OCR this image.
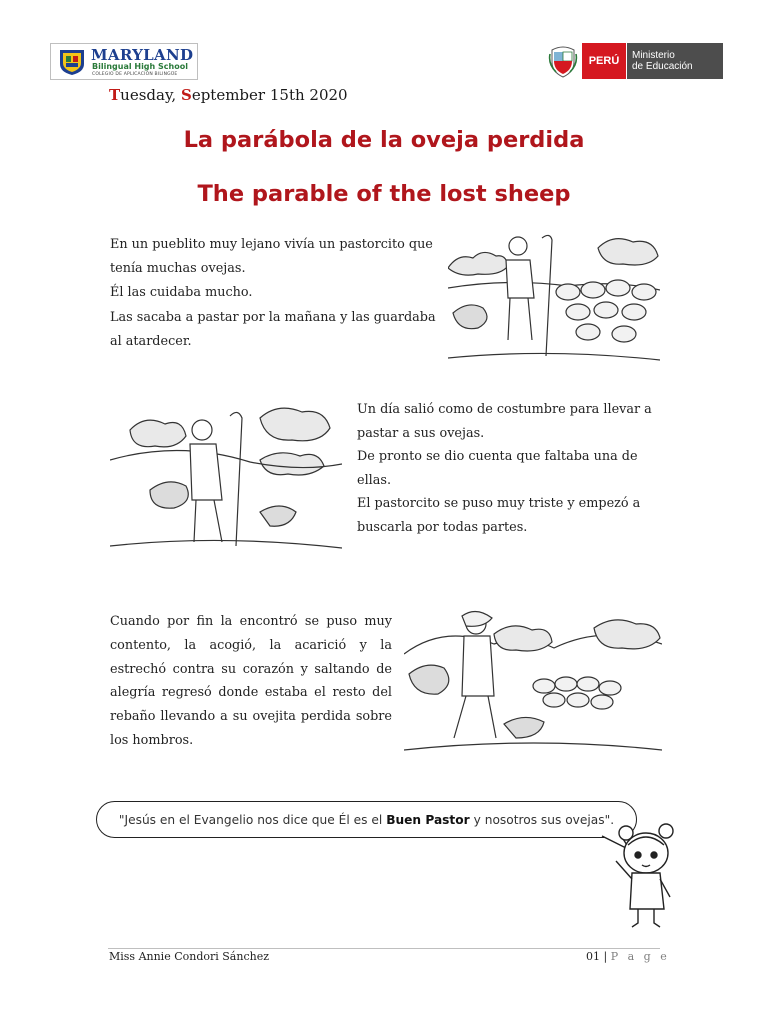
MARYLAND
Bilingual High School
COLEGIO DE APLICACIÓN BILINGÜE
PERÚ	Ministerio
de Educación
Tuesday, September 15th 2020
La parábola de la oveja perdida
The parable of the lost sheep
En un pueblito muy lejano vivía un pastorcito que
tenía muchas ovejas.
Él las cuidaba mucho.
Las sacaba a pastar por la mañana y las guardaba
al atardecer.
Un día salió como de costumbre para llevar a
pastar a sus ovejas.
De pronto se dio cuenta que faltaba una de
ellas.
El pastorcito se puso muy triste y empezó a
buscarla por todas partes.
Cuando por fin la encontró se puso muy contento, la acogió, la acarició y la estrechó contra su corazón y saltando de alegría regresó donde estaba el resto del rebaño llevando a su ovejita perdida sobre los hombros.
"Jesús en el Evangelio nos dice que Él es el Buen Pastor y nosotros sus ovejas".
Miss Annie Condori Sánchez	01 | P a g e
